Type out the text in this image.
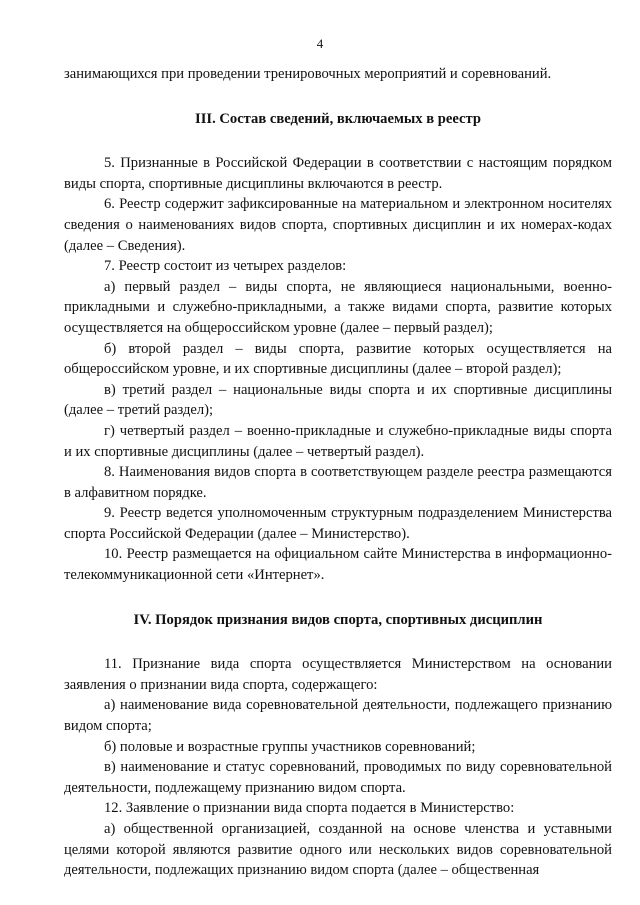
4

занимающихся при проведении тренировочных мероприятий и соревнований.

III. Состав сведений, включаемых в реестр

5. Признанные в Российской Федерации в соответствии с настоящим порядком виды спорта, спортивные дисциплины включаются в реестр.

6. Реестр содержит зафиксированные на материальном и электронном носителях сведения о наименованиях видов спорта, спортивных дисциплин и их номерах-кодах (далее – Сведения).

7. Реестр состоит из четырех разделов:

а) первый раздел – виды спорта, не являющиеся национальными, военно-прикладными и служебно-прикладными, а также видами спорта, развитие которых осуществляется на общероссийском уровне (далее – первый раздел);

б) второй раздел – виды спорта, развитие которых осуществляется на общероссийском уровне, и их спортивные дисциплины (далее – второй раздел);

в) третий раздел – национальные виды спорта и их спортивные дисциплины (далее – третий раздел);

г) четвертый раздел – военно-прикладные и служебно-прикладные виды спорта и их спортивные дисциплины (далее – четвертый раздел).

8. Наименования видов спорта в соответствующем разделе реестра размещаются в алфавитном порядке.

9. Реестр ведется уполномоченным структурным подразделением Министерства спорта Российской Федерации (далее – Министерство).

10. Реестр размещается на официальном сайте Министерства в информационно-телекоммуникационной сети «Интернет».

IV. Порядок признания видов спорта, спортивных дисциплин

11. Признание вида спорта осуществляется Министерством на основании заявления о признании вида спорта, содержащего:

а) наименование вида соревновательной деятельности, подлежащего признанию видом спорта;

б) половые и возрастные группы участников соревнований;

в) наименование и статус соревнований, проводимых по виду соревновательной деятельности, подлежащему признанию видом спорта.

12. Заявление о признании вида спорта подается в Министерство:

а) общественной организацией, созданной на основе членства и уставными целями которой являются развитие одного или нескольких видов соревновательной деятельности, подлежащих признанию видом спорта (далее – общественная
